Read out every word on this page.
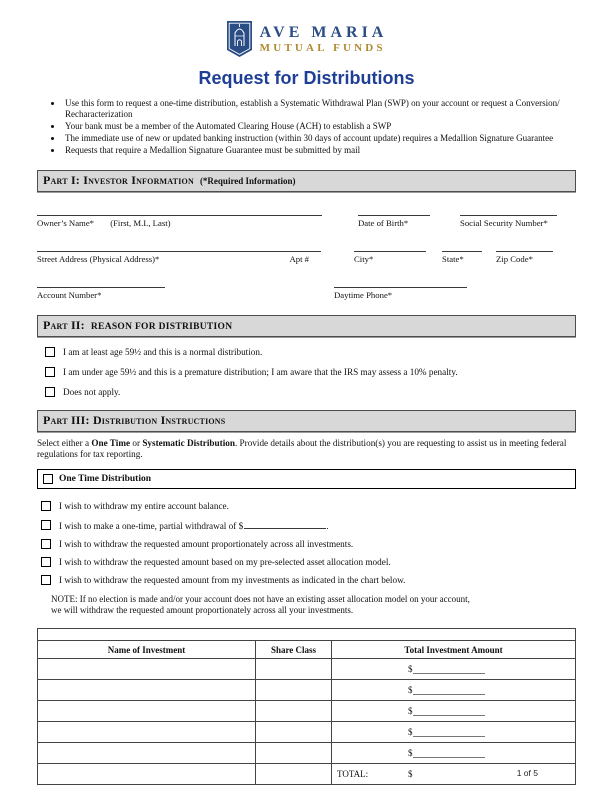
AVE MARIA
MUTUAL FUNDS
Request for Distributions
• Use this form to request a one-time distribution, establish a Systematic Withdrawal Plan (SWP) on your account or request a Conversion/ Recharacterization
• Your bank must be a member of the Automated Clearing House (ACH) to establish a SWP
• The immediate use of new or updated banking instruction (within 30 days of account update) requires a Medallion Signature Guarantee
• Requests that require a Medallion Signature Guarantee must be submitted by mail
Part I: Investor Information (*Required Information)
Owner’s Name* (First, M.I., Last)	Date of Birth*	Social Security Number*
Street Address (Physical Address)*	Apt #	City*	State*	Zip Code*
Account Number*	Daytime Phone*
Part II: REASON FOR DISTRIBUTION
I am at least age 59½ and this is a normal distribution.
I am under age 59½ and this is a premature distribution; I am aware that the IRS may assess a 10% penalty.
Does not apply.
Part III: Distribution Instructions

Select either a One Time or Systematic Distribution. Provide details about the distribution(s) you are requesting to assist us in meeting federal regulations for tax reporting.

One Time Distribution
I wish to withdraw my entire account balance.
I wish to make a one-time, partial withdrawal of $	.
I wish to withdraw the requested amount proportionately across all investments.
I wish to withdraw the requested amount based on my pre-selected asset allocation model.
I wish to withdraw the requested amount from my investments as indicated in the chart below.
NOTE: If no election is made and/or your account does not have an existing asset allocation model on your account,
we will withdraw the requested amount proportionately across all your investments.

Name of Investment	Share Class	Total Investment Amount

		$

		$

		$

		$

		$

		TOTAL: $	1 of 5
